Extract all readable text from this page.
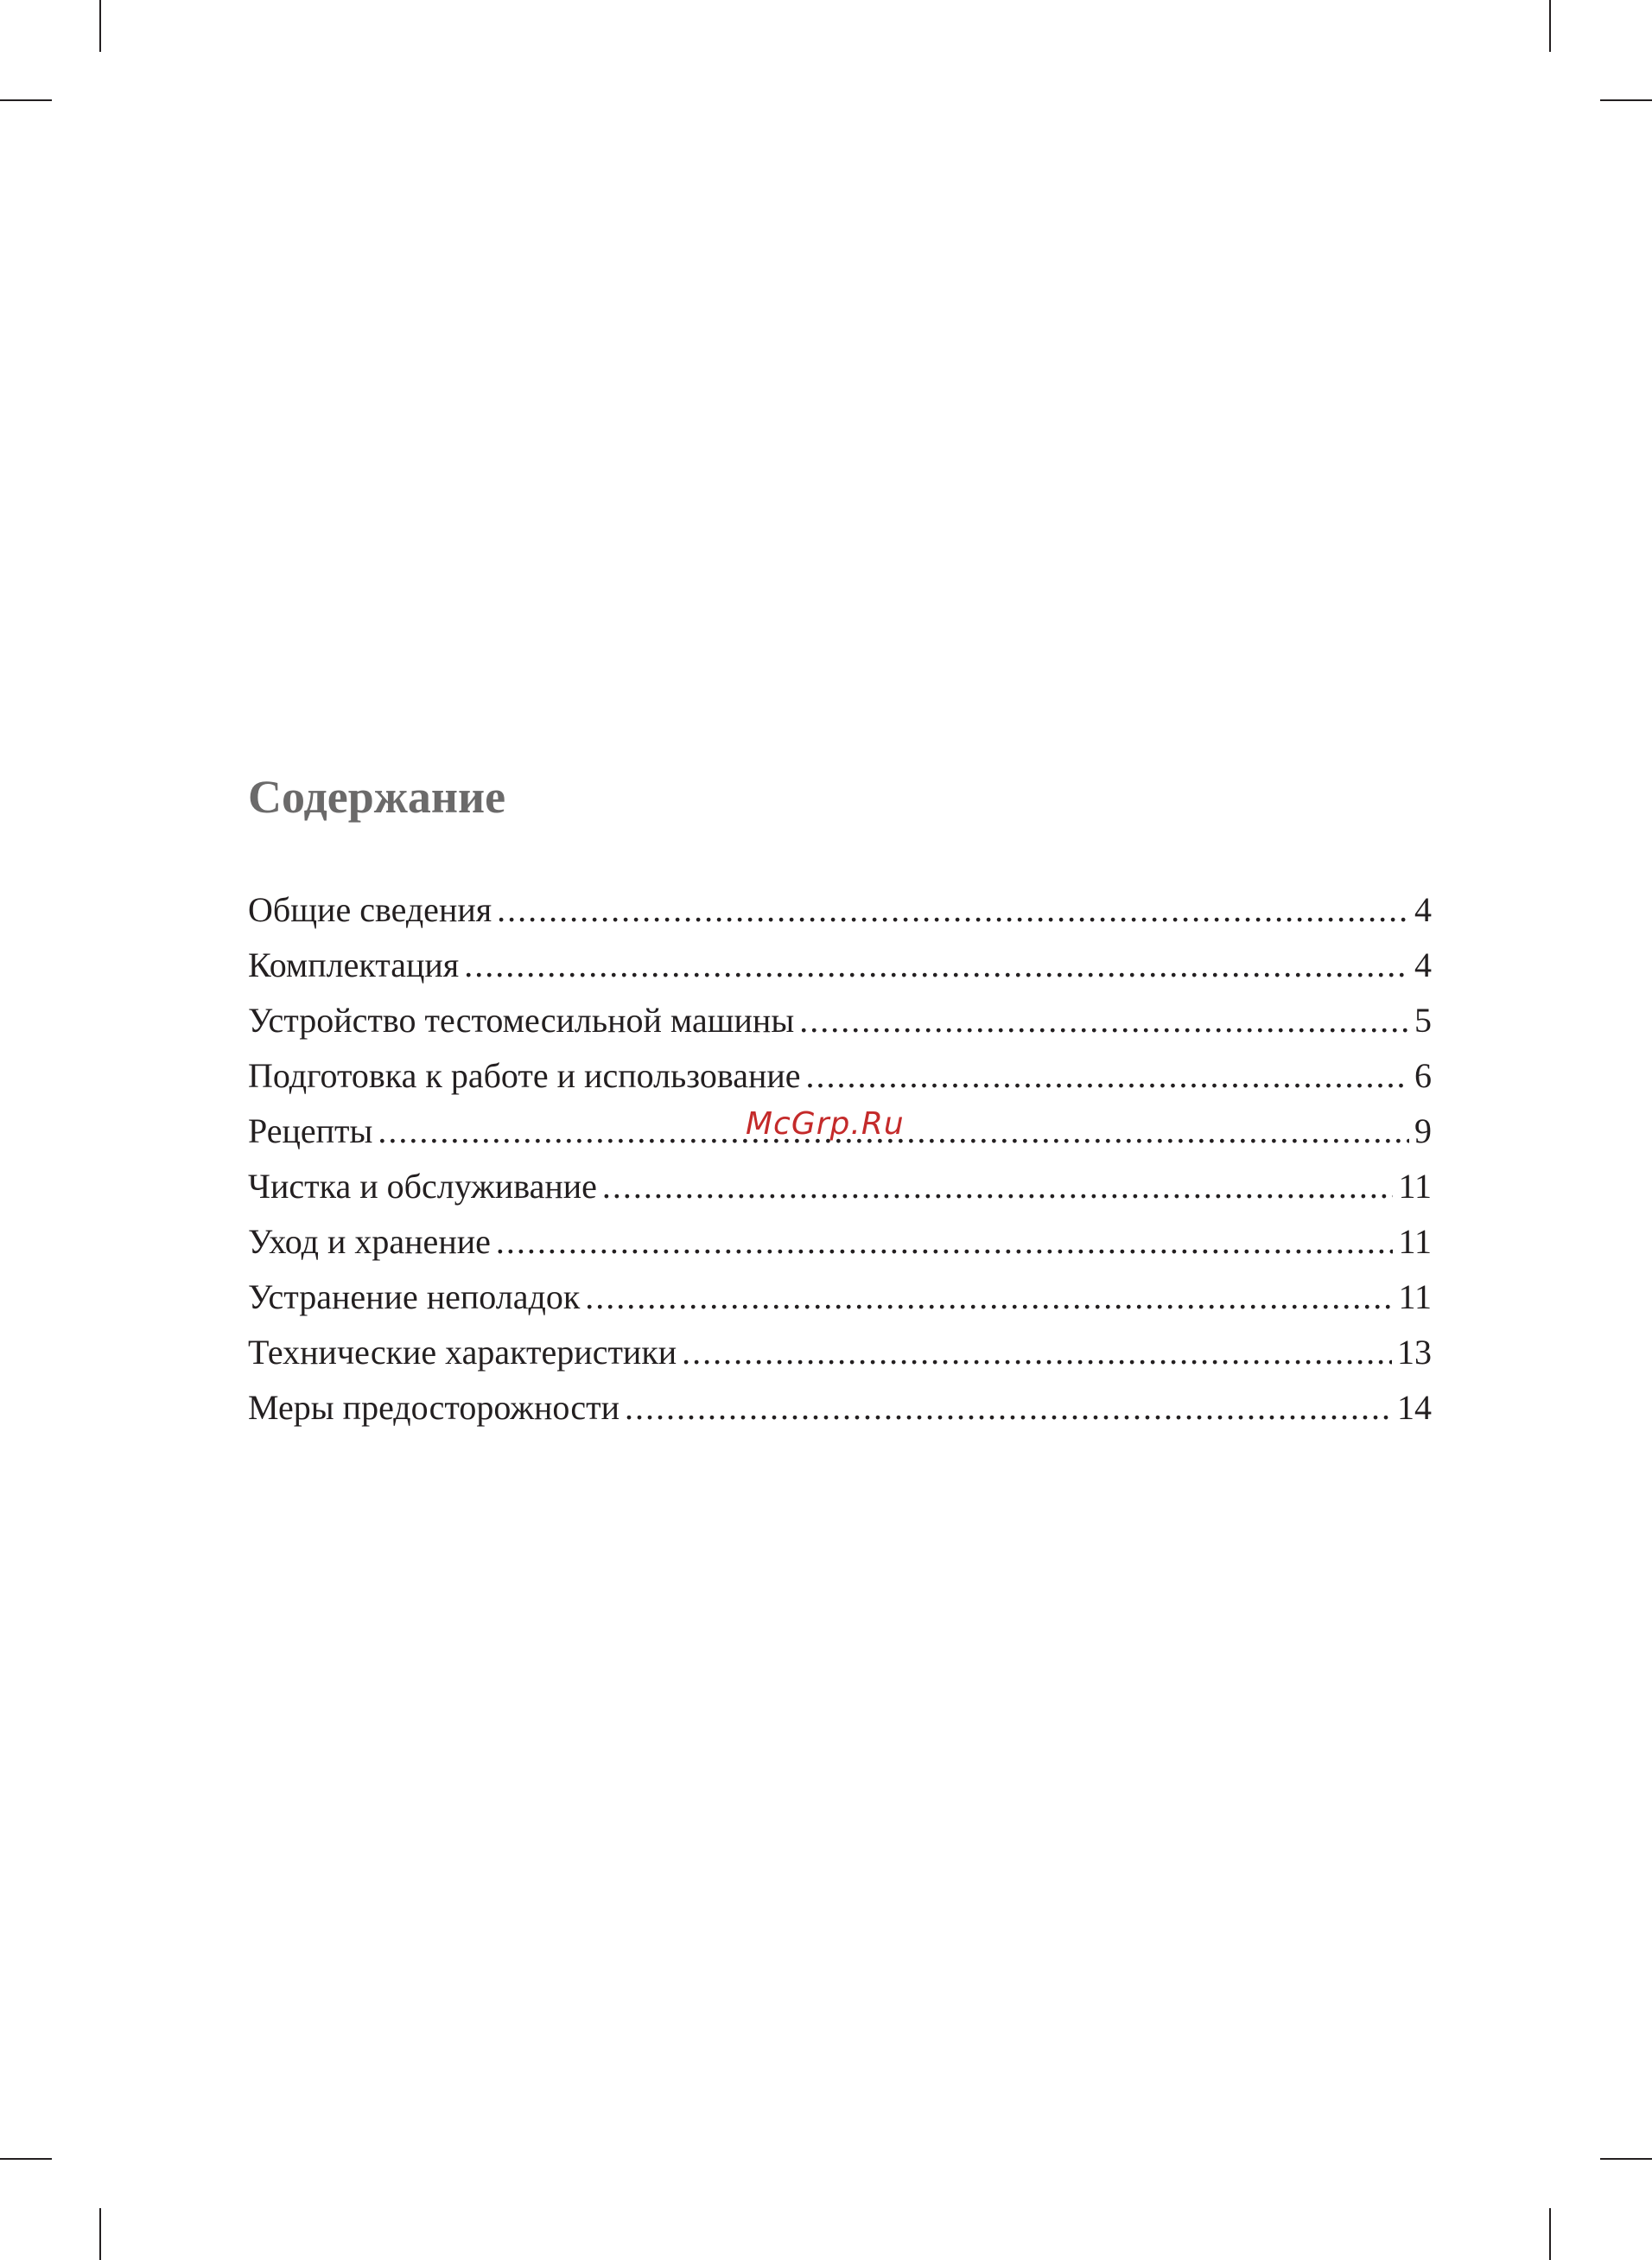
Содержание
Общие сведения .....	4
Комплектация .....	4
Устройство тестомесильной машины .....	5
Подготовка к работе и использование .....	6
Рецепты .....	9
Чистка и обслуживание .....	11
Уход и хранение .....	11
Устранение неполадок .....	11
Технические характеристики .....	13
Меры предосторожности .....	14
McGrp.Ru
